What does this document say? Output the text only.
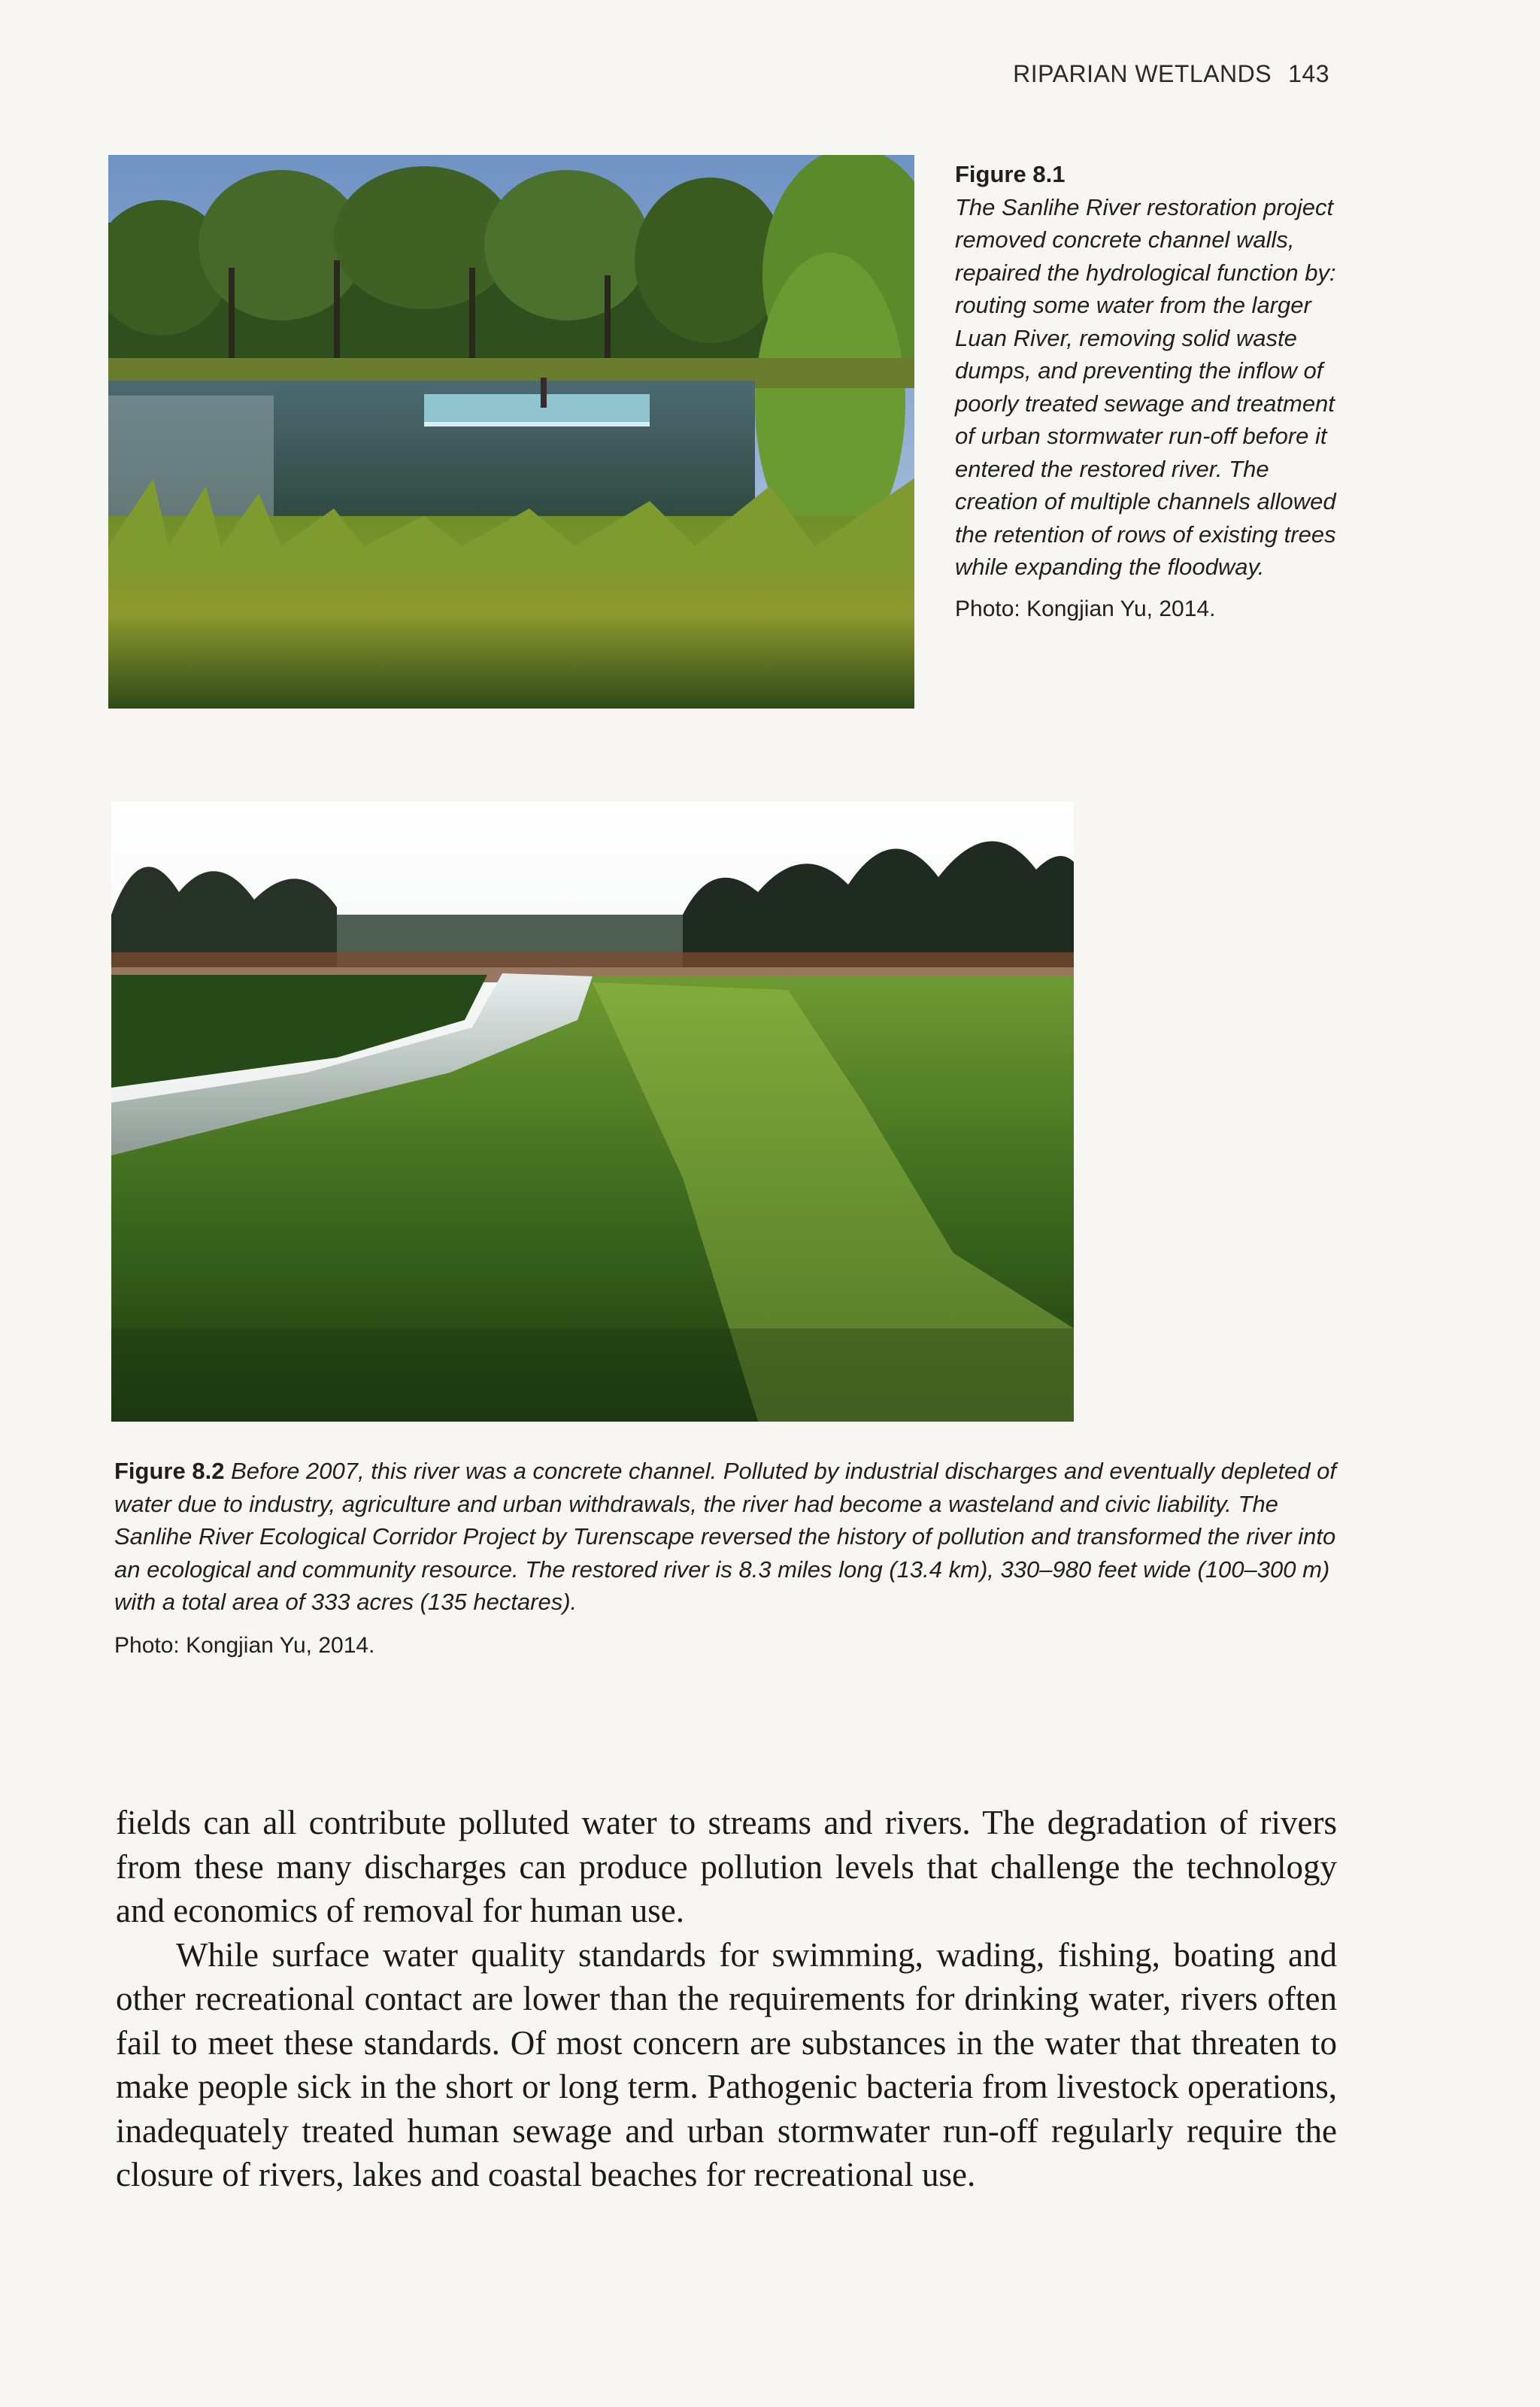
RIPARIAN WETLANDS 143
Figure 8.1
The Sanlihe River restoration project removed concrete channel walls, repaired the hydrological function by: routing some water from the larger Luan River, removing solid waste dumps, and preventing the inflow of poorly treated sewage and treatment of urban stormwater run-off before it entered the restored river. The creation of multiple channels allowed the retention of rows of existing trees while expanding the floodway.
Photo: Kongjian Yu, 2014.
Figure 8.2 Before 2007, this river was a concrete channel. Polluted by industrial discharges and eventually depleted of water due to industry, agriculture and urban withdrawals, the river had become a wasteland and civic liability. The Sanlihe River Ecological Corridor Project by Turenscape reversed the history of pollution and transformed the river into an ecological and community resource. The restored river is 8.3 miles long (13.4 km), 330–980 feet wide (100–300 m) with a total area of 333 acres (135 hectares).
Photo: Kongjian Yu, 2014.

fields can all contribute polluted water to streams and rivers. The degradation of rivers from these many discharges can produce pollution levels that challenge the technology and economics of removal for human use.

While surface water quality standards for swimming, wading, fishing, boating and other recreational contact are lower than the requirements for drinking water, rivers often fail to meet these standards. Of most concern are substances in the water that threaten to make people sick in the short or long term. Pathogenic bacteria from livestock operations, inadequately treated human sewage and urban stormwater run-off regularly require the closure of rivers, lakes and coastal beaches for recreational use.
